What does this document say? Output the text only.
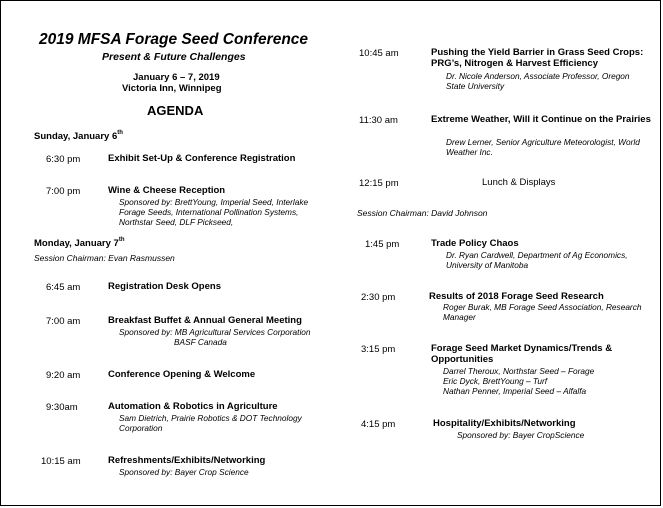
2019 MFSA Forage Seed Conference
Present & Future Challenges
January 6 – 7, 2019
Victoria Inn, Winnipeg
AGENDA
Sunday, January 6th
6:30 pm	Exhibit Set-Up & Conference Registration
7:00 pm	Wine & Cheese Reception
Sponsored by: BrettYoung, Imperial Seed, Interlake Forage Seeds, International Pollination Systems, Northstar Seed, DLF Pickseed,
Monday, January 7th
Session Chairman: Evan Rasmussen
6:45 am	Registration Desk Opens
7:00 am	Breakfast Buffet & Annual General Meeting
Sponsored by: MB Agricultural Services Corporation
BASF Canada
9:20 am	Conference Opening & Welcome
9:30am	Automation & Robotics in Agriculture
Sam Dietrich, Prairie Robotics & DOT Technology Corporation
10:15 am	Refreshments/Exhibits/Networking
Sponsored by: Bayer Crop Science
10:45 am	Pushing the Yield Barrier in Grass Seed Crops: PRG’s, Nitrogen & Harvest Efficiency
Dr. Nicole Anderson, Associate Professor, Oregon State University
11:30 am	Extreme Weather, Will it Continue on the Prairies
Drew Lerner, Senior Agriculture Meteorologist, World Weather Inc.
12:15 pm	Lunch & Displays
Session Chairman: David Johnson
1:45 pm	Trade Policy Chaos
Dr. Ryan Cardwell, Department of Ag Economics, University of Manitoba
2:30 pm	Results of 2018 Forage Seed Research
Roger Burak, MB Forage Seed Association, Research Manager
3:15 pm	Forage Seed Market Dynamics/Trends & Opportunities
Darrel Theroux, Northstar Seed – Forage
Eric Dyck, BrettYoung – Turf
Nathan Penner, Imperial Seed – Alfalfa
4:15 pm	Hospitality/Exhibits/Networking
Sponsored by: Bayer CropScience
